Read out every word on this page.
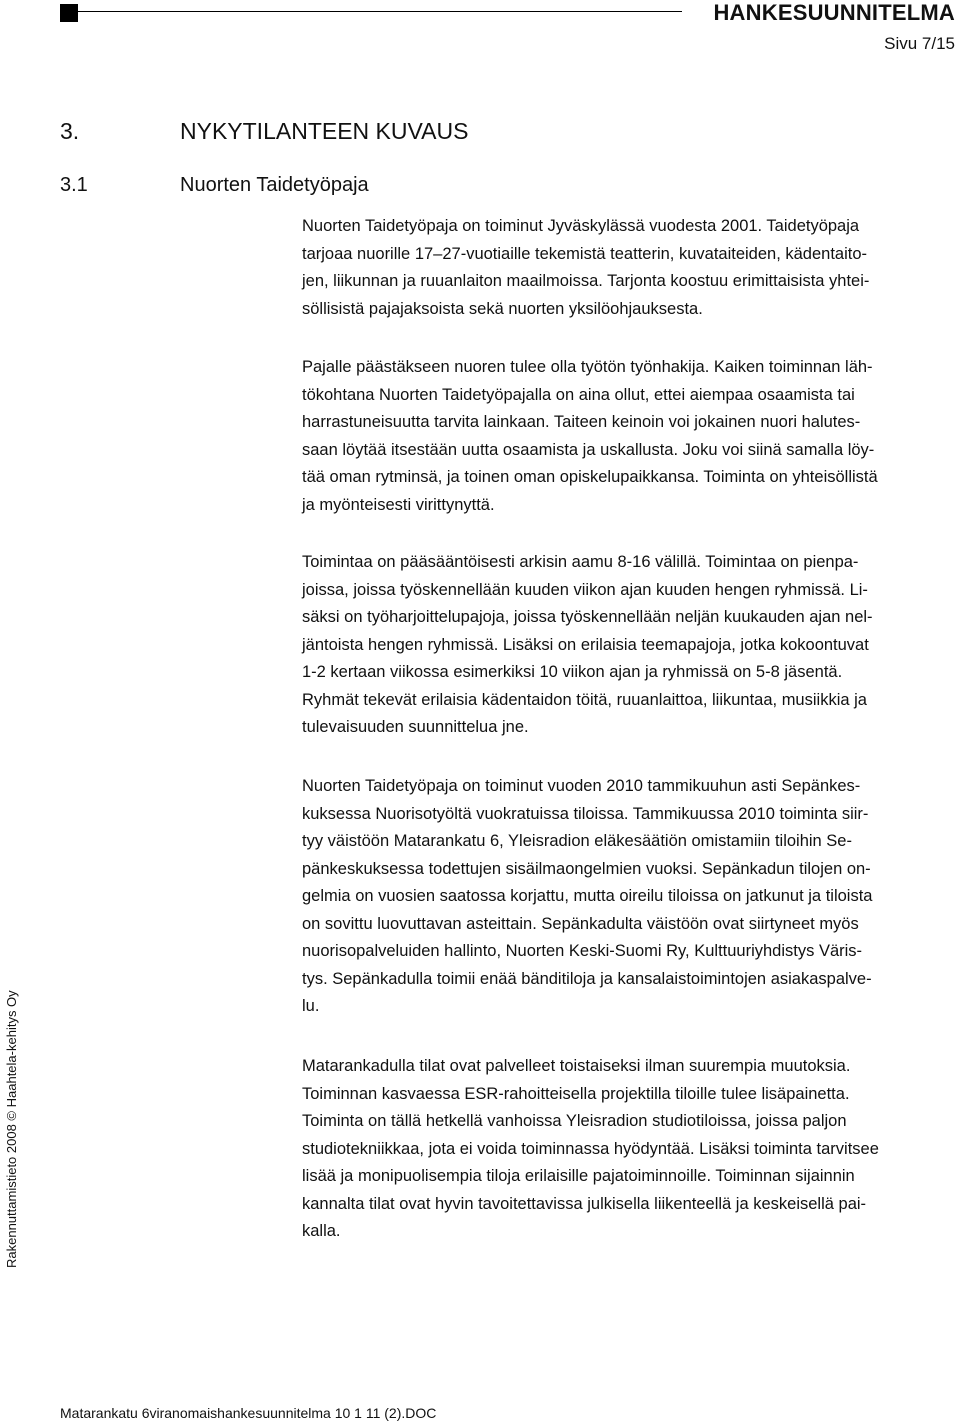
HANKESUUNNITELMA
Sivu 7/15
3.	NYKYTILANTEEN KUVAUS
3.1	Nuorten Taidetyöpaja

Nuorten Taidetyöpaja on toiminut Jyväskylässä vuodesta 2001. Taidetyöpaja
tarjoaa nuorille 17–27-vuotiaille tekemistä teatterin, kuvataiteiden, kädentaito-
jen, liikunnan ja ruuanlaiton maailmoissa. Tarjonta koostuu erimittaisista yhtei-
söllisistä pajajaksoista sekä nuorten yksilöohjauksesta.

Pajalle päästäkseen nuoren tulee olla työtön työnhakija. Kaiken toiminnan läh-
tökohtana Nuorten Taidetyöpajalla on aina ollut, ettei aiempaa osaamista tai
harrastuneisuutta tarvita lainkaan. Taiteen keinoin voi jokainen nuori halutes-
saan löytää itsestään uutta osaamista ja uskallusta. Joku voi siinä samalla löy-
tää oman rytminsä, ja toinen oman opiskelupaikkansa. Toiminta on yhteisöllistä
ja myönteisesti virittynyttä.

Toimintaa on pääsääntöisesti arkisin aamu 8-16 välillä. Toimintaa on pienpa-
joissa, joissa työskennellään kuuden viikon ajan kuuden hengen ryhmissä. Li-
säksi on työharjoittelupajoja, joissa työskennellään neljän kuukauden ajan nel-
jäntoista hengen ryhmissä. Lisäksi on erilaisia teemapajoja, jotka kokoontuvat
1-2 kertaan viikossa esimerkiksi 10 viikon ajan ja ryhmissä on 5-8 jäsentä.
Ryhmät tekevät erilaisia kädentaidon töitä, ruuanlaittoa, liikuntaa, musiikkia ja
tulevaisuuden suunnittelua jne.

Nuorten Taidetyöpaja on toiminut vuoden 2010 tammikuuhun asti Sepänkes-
kuksessa Nuorisotyöltä vuokratuissa tiloissa. Tammikuussa 2010 toiminta siir-
tyy väistöön Matarankatu 6, Yleisradion eläkesäätiön omistamiin tiloihin Se-
pänkeskuksessa todettujen sisäilmaongelmien vuoksi. Sepänkadun tilojen on-
gelmia on vuosien saatossa korjattu, mutta oireilu tiloissa on jatkunut ja tiloista
on sovittu luovuttavan asteittain. Sepänkadulta väistöön ovat siirtyneet myös
nuorisopalveluiden hallinto, Nuorten Keski-Suomi Ry, Kulttuuriyhdistys Väris-
tys. Sepänkadulla toimii enää bänditiloja ja kansalaistoimintojen asiakaspalve-
lu.

Matarankadulla tilat ovat palvelleet toistaiseksi ilman suurempia muutoksia.
Toiminnan kasvaessa ESR-rahoitteisella projektilla tiloille tulee lisäpainetta.
Toiminta on tällä hetkellä vanhoissa Yleisradion studiotiloissa, joissa paljon
studiotekniikkaa, jota ei voida toiminnassa hyödyntää. Lisäksi toiminta tarvitsee
lisää ja monipuolisempia tiloja erilaisille pajatoiminnoille. Toiminnan sijainnin
kannalta tilat ovat hyvin tavoitettavissa julkisella liikenteellä ja keskeisellä pai-
kalla.

Rakennuttamistieto 2008 © Haahtela-kehitys Oy
Matarankatu 6viranomaishankesuunnitelma 10 1 11 (2).DOC
